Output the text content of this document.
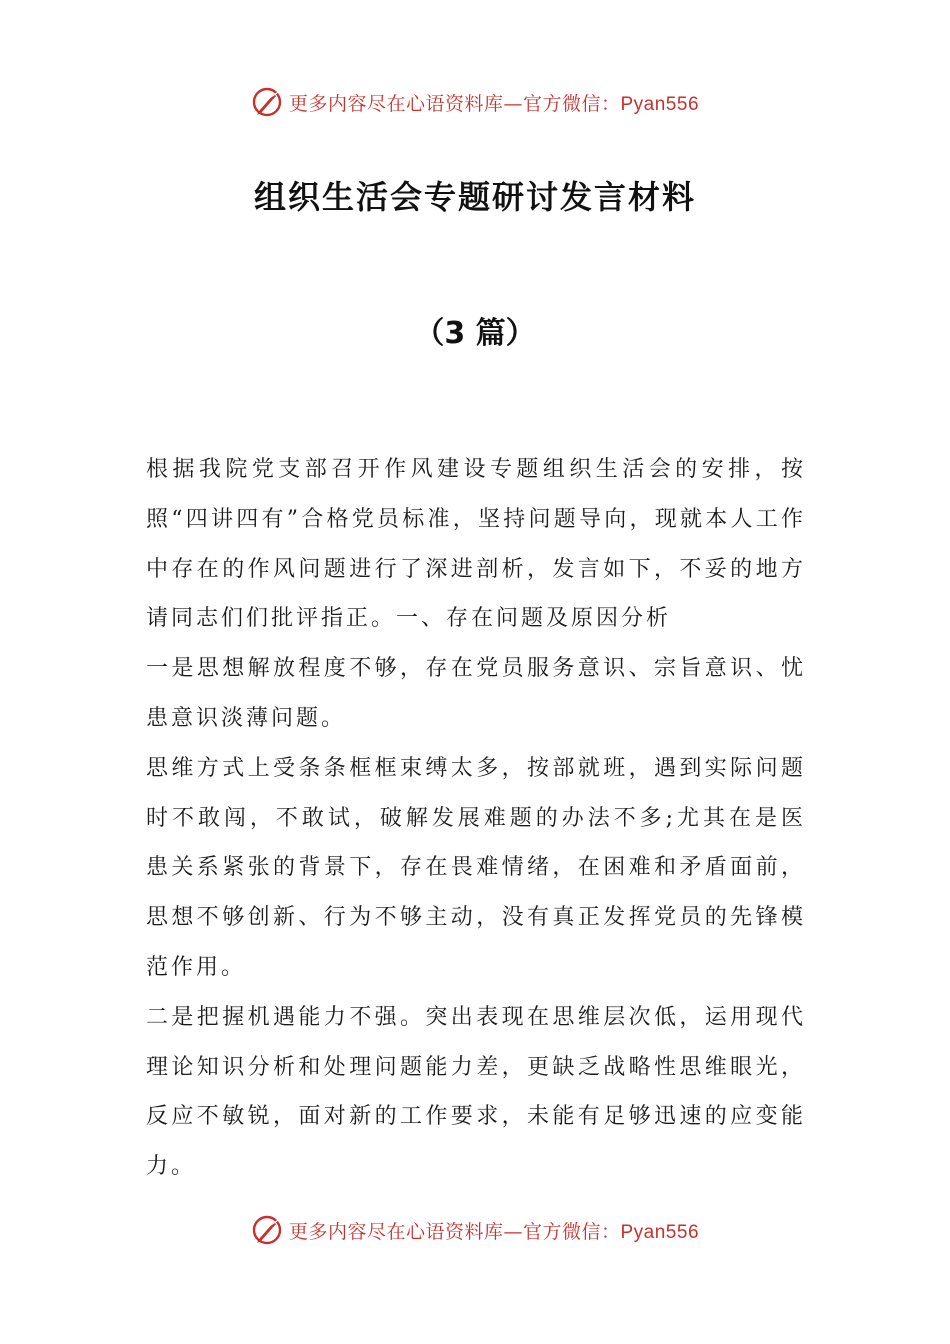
更多内容尽在心语资料库—官方微信：Pyan556
组织生活会专题研讨发言材料
（3 篇）

根据我院党支部召开作风建设专题组织生活会的安排，按照“四讲四有”合格党员标准，坚持问题导向，现就本人工作中存在的作风问题进行了深进剖析，发言如下，不妥的地方请同志们们批评指正。一、存在问题及原因分析

一是思想解放程度不够，存在党员服务意识、宗旨意识、忧患意识淡薄问题。

思维方式上受条条框框束缚太多，按部就班，遇到实际问题时不敢闯，不敢试，破解发展难题的办法不多;尤其在是医患关系紧张的背景下，存在畏难情绪，在困难和矛盾面前，思想不够创新、行为不够主动，没有真正发挥党员的先锋模范作用。

二是把握机遇能力不强。突出表现在思维层次低，运用现代理论知识分析和处理问题能力差，更缺乏战略性思维眼光，反应不敏锐，面对新的工作要求，未能有足够迅速的应变能力。

更多内容尽在心语资料库—官方微信：Pyan556
